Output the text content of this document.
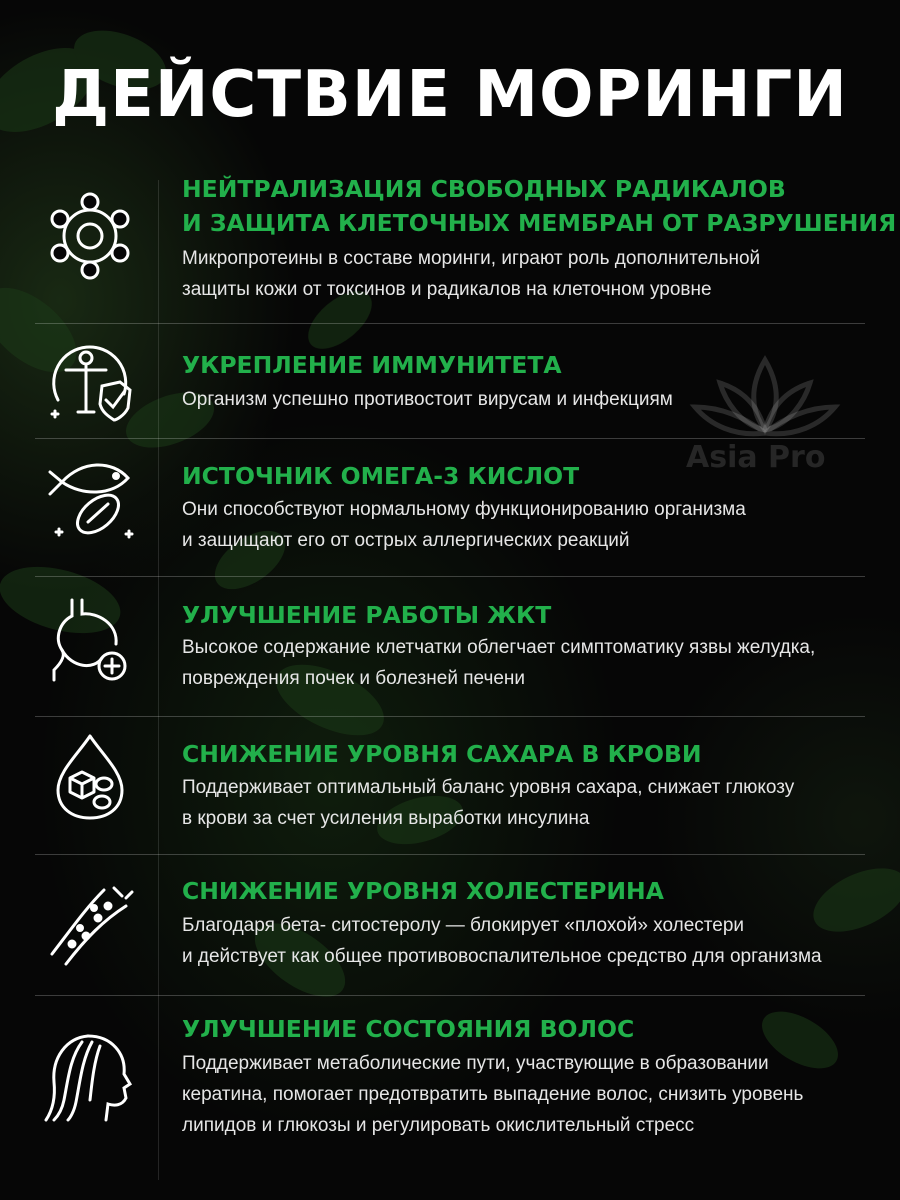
ДЕЙСТВИЕ МОРИНГИ
Asia Pro
НЕЙТРАЛИЗАЦИЯ СВОБОДНЫХ РАДИКАЛОВ
И ЗАЩИТА КЛЕТОЧНЫХ МЕМБРАН ОТ РАЗРУШЕНИЯ

Микропротеины в составе моринги, играют роль дополнительной
защиты кожи от токсинов и радикалов на клеточном уровне

УКРЕПЛЕНИЕ ИММУНИТЕТА

Организм успешно противостоит вирусам и инфекциям

ИСТОЧНИК ОМЕГА-3 КИСЛОТ

Они способствуют нормальному функционированию организма
и защищают его от острых аллергических реакций

УЛУЧШЕНИЕ РАБОТЫ ЖКТ

Высокое содержание клетчатки облегчает симптоматику язвы желудка,
повреждения почек и болезней печени

СНИЖЕНИЕ УРОВНЯ САХАРА В КРОВИ

Поддерживает оптимальный баланс уровня сахара, снижает глюкозу
в крови за счет усиления выработки инсулина

СНИЖЕНИЕ УРОВНЯ ХОЛЕСТЕРИНА

Благодаря бета- ситостеролу — блокирует «плохой» холестери
и действует как общее противовоспалительное средство для организма

УЛУЧШЕНИЕ СОСТОЯНИЯ ВОЛОС

Поддерживает метаболические пути, участвующие в образовании
кератина, помогает предотвратить выпадение волос, снизить уровень
липидов и глюкозы и регулировать окислительный стресс
